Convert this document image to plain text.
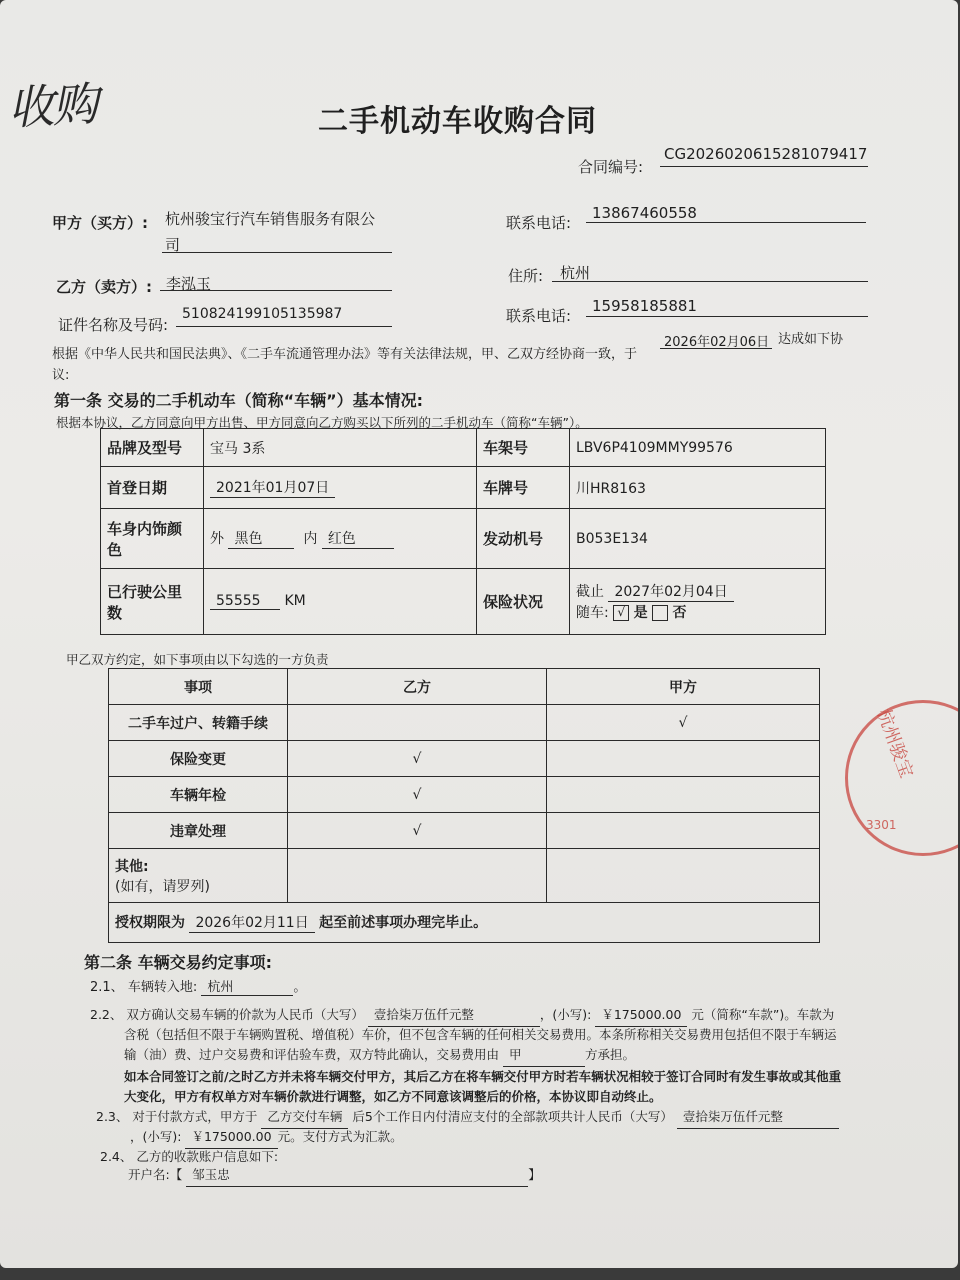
收购	二手机动车收购合同
合同编号:
CG2026020615281079417
甲方（买方）: 杭州骏宝行汽车销售服务有限公
司
联系电话:
13867460558
乙方（卖方）: 李泓玉	住所: 杭州
证件名称及号码:
510824199105135987	联系电话:
15958185881
根据《中华人民共和国民法典》、《二手车流通管理办法》等有关法律法规，甲、乙双方经协商一致，于
2026年02月06日 达成如下协
议:
第一条 交易的二手机动车（简称“车辆”）基本情况:
根据本协议，乙方同意向甲方出售、甲方同意向乙方购买以下所列的二手机动车（简称“车辆”）。
品牌及型号	宝马 3系	车架号	LBV6P4109MMY99576
首登日期	2021年01月07日	车牌号	川HR8163
车身内饰颜
色	外 黑色 内 红色	发动机号	B053E134
已行驶公里
数	55555 KM	保险状况	截止 2027年02月04日
随车: √ 是 否
甲乙双方约定，如下事项由以下勾选的一方负责
事项	乙方	甲方
二手车过户、转籍手续		√
保险变更	√	
车辆年检	√	
违章处理	√	
其他:
(如有，请罗列)		
授权期限为 2026年02月11日 起至前述事项办理完毕止。		
第二条 车辆交易约定事项:
2.1、 车辆转入地: 杭州	。
2.2、 双方确认交易车辆的价款为人民币（大写） 壹拾柒万伍仟元整	，(小写): ￥175000.00 元（简称“车款”)。车款为
含税（包括但不限于车辆购置税、增值税）车价，但不包含车辆的任何相关交易费用。本条所称相关交易费用包括但不限于车辆运
输（油）费、过户交易费和评估验车费，双方特此确认，交易费用由 甲	方承担。
如本合同签订之前/之时乙方并未将车辆交付甲方，其后乙方在将车辆交付甲方时若车辆状况相较于签订合同时有发生事故或其他重
大变化，甲方有权单方对车辆价款进行调整，如乙方不同意该调整后的价格，本协议即自动终止。
2.3、 对于付款方式，甲方于 乙方交付车辆 后5个工作日内付清应支付的全部款项共计人民币（大写） 壹拾柒万伍仟元整
，(小写): ￥175000.00 元。支付方式为汇款。
2.4、 乙方的收款账户信息如下:
开户名:【 邹玉忠	】
杭州骏宝
3301
